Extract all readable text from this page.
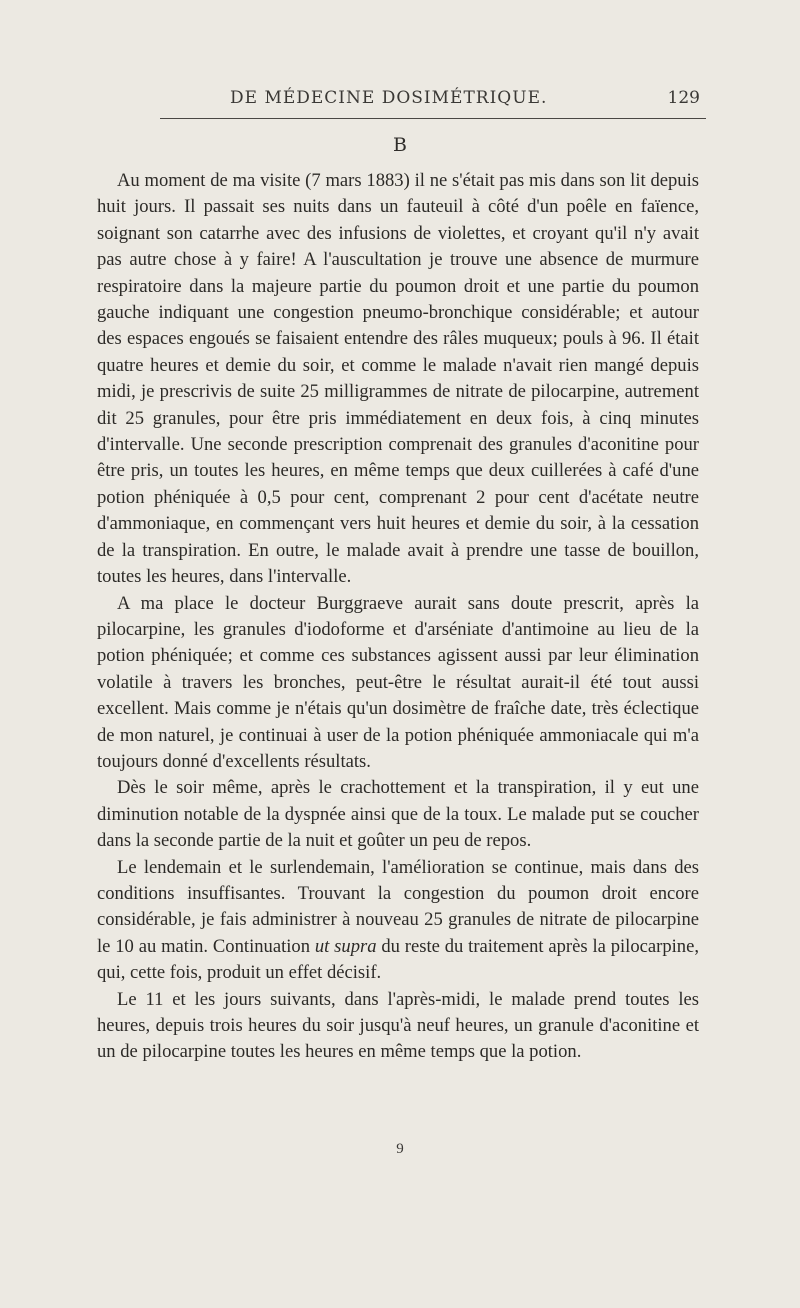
DE MÉDECINE DOSIMÉTRIQUE.	129
B

Au moment de ma visite (7 mars 1883) il ne s'était pas mis dans son lit depuis huit jours. Il passait ses nuits dans un fauteuil à côté d'un poêle en faïence, soignant son catarrhe avec des infusions de violettes, et croyant qu'il n'y avait pas autre chose à y faire! A l'auscultation je trouve une absence de murmure respiratoire dans la majeure partie du poumon droit et une partie du poumon gauche indiquant une congestion pneumo-bronchique considérable; et autour des espaces engoués se faisaient entendre des râles muqueux; pouls à 96. Il était quatre heures et demie du soir, et comme le malade n'avait rien mangé depuis midi, je prescrivis de suite 25 milligrammes de nitrate de pilocarpine, autrement dit 25 granules, pour être pris immédiatement en deux fois, à cinq minutes d'intervalle. Une seconde prescription comprenait des granules d'aconitine pour être pris, un toutes les heures, en même temps que deux cuillerées à café d'une potion phéniquée à 0,5 pour cent, comprenant 2 pour cent d'acétate neutre d'ammoniaque, en commençant vers huit heures et demie du soir, à la cessation de la transpiration. En outre, le malade avait à prendre une tasse de bouillon, toutes les heures, dans l'intervalle.

A ma place le docteur Burggraeve aurait sans doute prescrit, après la pilocarpine, les granules d'iodoforme et d'arséniate d'antimoine au lieu de la potion phéniquée; et comme ces substances agissent aussi par leur élimination volatile à travers les bronches, peut-être le résultat aurait-il été tout aussi excellent. Mais comme je n'étais qu'un dosimètre de fraîche date, très éclectique de mon naturel, je continuai à user de la potion phéniquée ammoniacale qui m'a toujours donné d'excellents résultats.

Dès le soir même, après le crachottement et la transpiration, il y eut une diminution notable de la dyspnée ainsi que de la toux. Le malade put se coucher dans la seconde partie de la nuit et goûter un peu de repos.

Le lendemain et le surlendemain, l'amélioration se continue, mais dans des conditions insuffisantes. Trouvant la congestion du poumon droit encore considérable, je fais administrer à nouveau 25 granules de nitrate de pilocarpine le 10 au matin. Continuation ut supra du reste du traitement après la pilocarpine, qui, cette fois, produit un effet décisif.

Le 11 et les jours suivants, dans l'après-midi, le malade prend toutes les heures, depuis trois heures du soir jusqu'à neuf heures, un granule d'aconitine et un de pilocarpine toutes les heures en même temps que la potion.

9
